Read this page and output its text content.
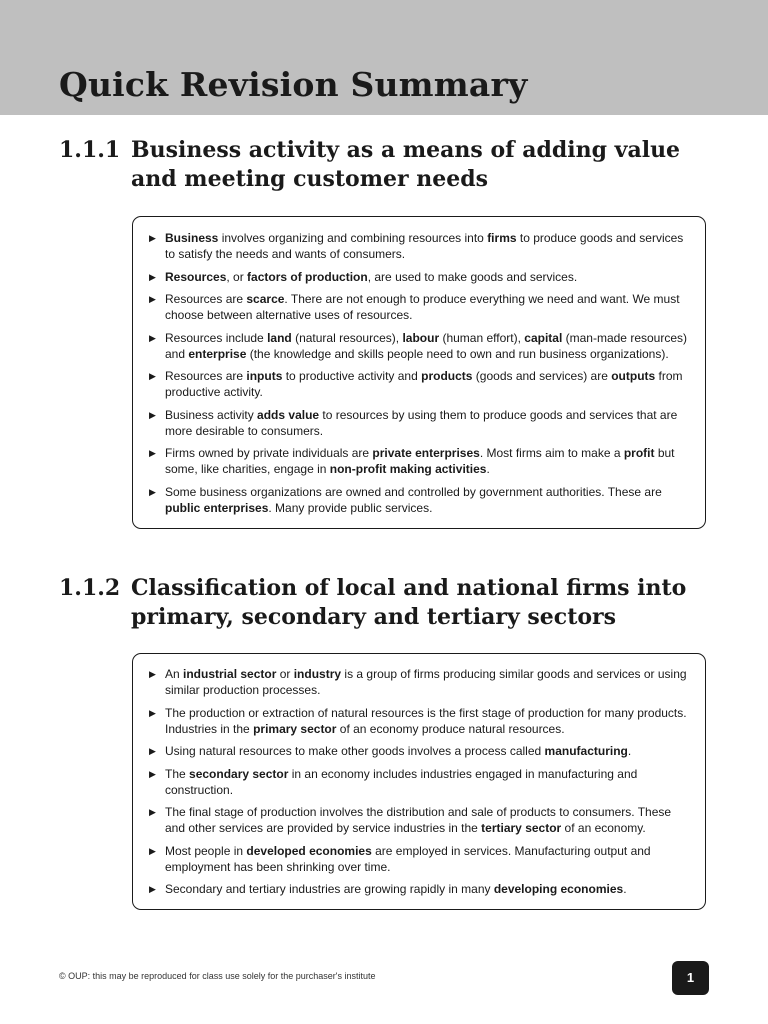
Quick Revision Summary
1.1.1 Business activity as a means of adding value and meeting customer needs
▶ Business involves organizing and combining resources into firms to produce goods and services to satisfy the needs and wants of consumers.
▶ Resources, or factors of production, are used to make goods and services.
▶ Resources are scarce. There are not enough to produce everything we need and want. We must choose between alternative uses of resources.
▶ Resources include land (natural resources), labour (human effort), capital (man-made resources) and enterprise (the knowledge and skills people need to own and run business organizations).
▶ Resources are inputs to productive activity and products (goods and services) are outputs from productive activity.
▶ Business activity adds value to resources by using them to produce goods and services that are more desirable to consumers.
▶ Firms owned by private individuals are private enterprises. Most firms aim to make a profit but some, like charities, engage in non-profit making activities.
▶ Some business organizations are owned and controlled by government authorities. These are public enterprises. Many provide public services.
1.1.2 Classification of local and national firms into primary, secondary and tertiary sectors
▶ An industrial sector or industry is a group of firms producing similar goods and services or using similar production processes.
▶ The production or extraction of natural resources is the first stage of production for many products. Industries in the primary sector of an economy produce natural resources.
▶ Using natural resources to make other goods involves a process called manufacturing.
▶ The secondary sector in an economy includes industries engaged in manufacturing and construction.
▶ The final stage of production involves the distribution and sale of products to consumers. These and other services are provided by service industries in the tertiary sector of an economy.
▶ Most people in developed economies are employed in services. Manufacturing output and employment has been shrinking over time.
▶ Secondary and tertiary industries are growing rapidly in many developing economies.
© OUP: this may be reproduced for class use solely for the purchaser's institute	1
